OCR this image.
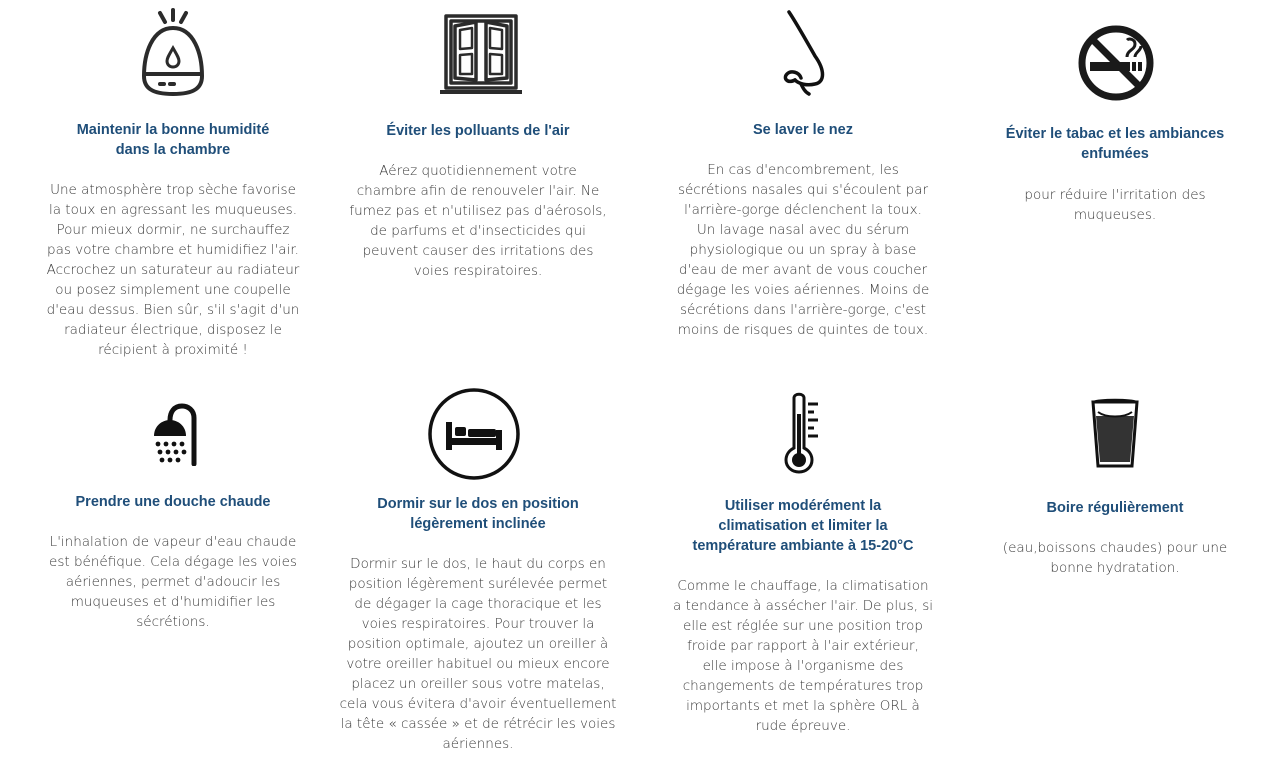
Maintenir la bonne humidité
dans la chambre
Une atmosphère trop sèche favorise
la toux en agressant les muqueuses.
Pour mieux dormir, ne surchauffez
pas votre chambre et humidifiez l'air.
Accrochez un saturateur au radiateur
ou posez simplement une coupelle
d'eau dessus. Bien sûr, s'il s'agit d'un
radiateur électrique, disposez le
récipient à proximité !
Éviter les polluants de l'air
Aérez quotidiennement votre
chambre afin de renouveler l'air. Ne
fumez pas et n'utilisez pas d'aérosols,
de parfums et d'insecticides qui
peuvent causer des irritations des
voies respiratoires.
Se laver le nez
En cas d'encombrement, les
sécrétions nasales qui s'écoulent par
l'arrière-gorge déclenchent la toux.
Un lavage nasal avec du sérum
physiologique ou un spray à base
d'eau de mer avant de vous coucher
dégage les voies aériennes. Moins de
sécrétions dans l'arrière-gorge, c'est
moins de risques de quintes de toux.
Éviter le tabac et les ambiances
enfumées
pour réduire l'irritation des
muqueuses.
Prendre une douche chaude
L'inhalation de vapeur d'eau chaude
est bénéfique. Cela dégage les voies
aériennes, permet d'adoucir les
muqueuses et d'humidifier les
sécrétions.
Dormir sur le dos en position
légèrement inclinée
Dormir sur le dos, le haut du corps en
position légèrement surélevée permet
de dégager la cage thoracique et les
voies respiratoires. Pour trouver la
position optimale, ajoutez un oreiller à
votre oreiller habituel ou mieux encore
placez un oreiller sous votre matelas,
cela vous évitera d'avoir éventuellement
la tête « cassée » et de rétrécir les voies
aériennes.
Utiliser modérément la
climatisation et limiter la
température ambiante à 15-20°C
Comme le chauffage, la climatisation
a tendance à assécher l'air. De plus, si
elle est réglée sur une position trop
froide par rapport à l'air extérieur,
elle impose à l'organisme des
changements de températures trop
importants et met la sphère ORL à
rude épreuve.
Boire régulièrement
(eau,boissons chaudes) pour une
bonne hydratation.
